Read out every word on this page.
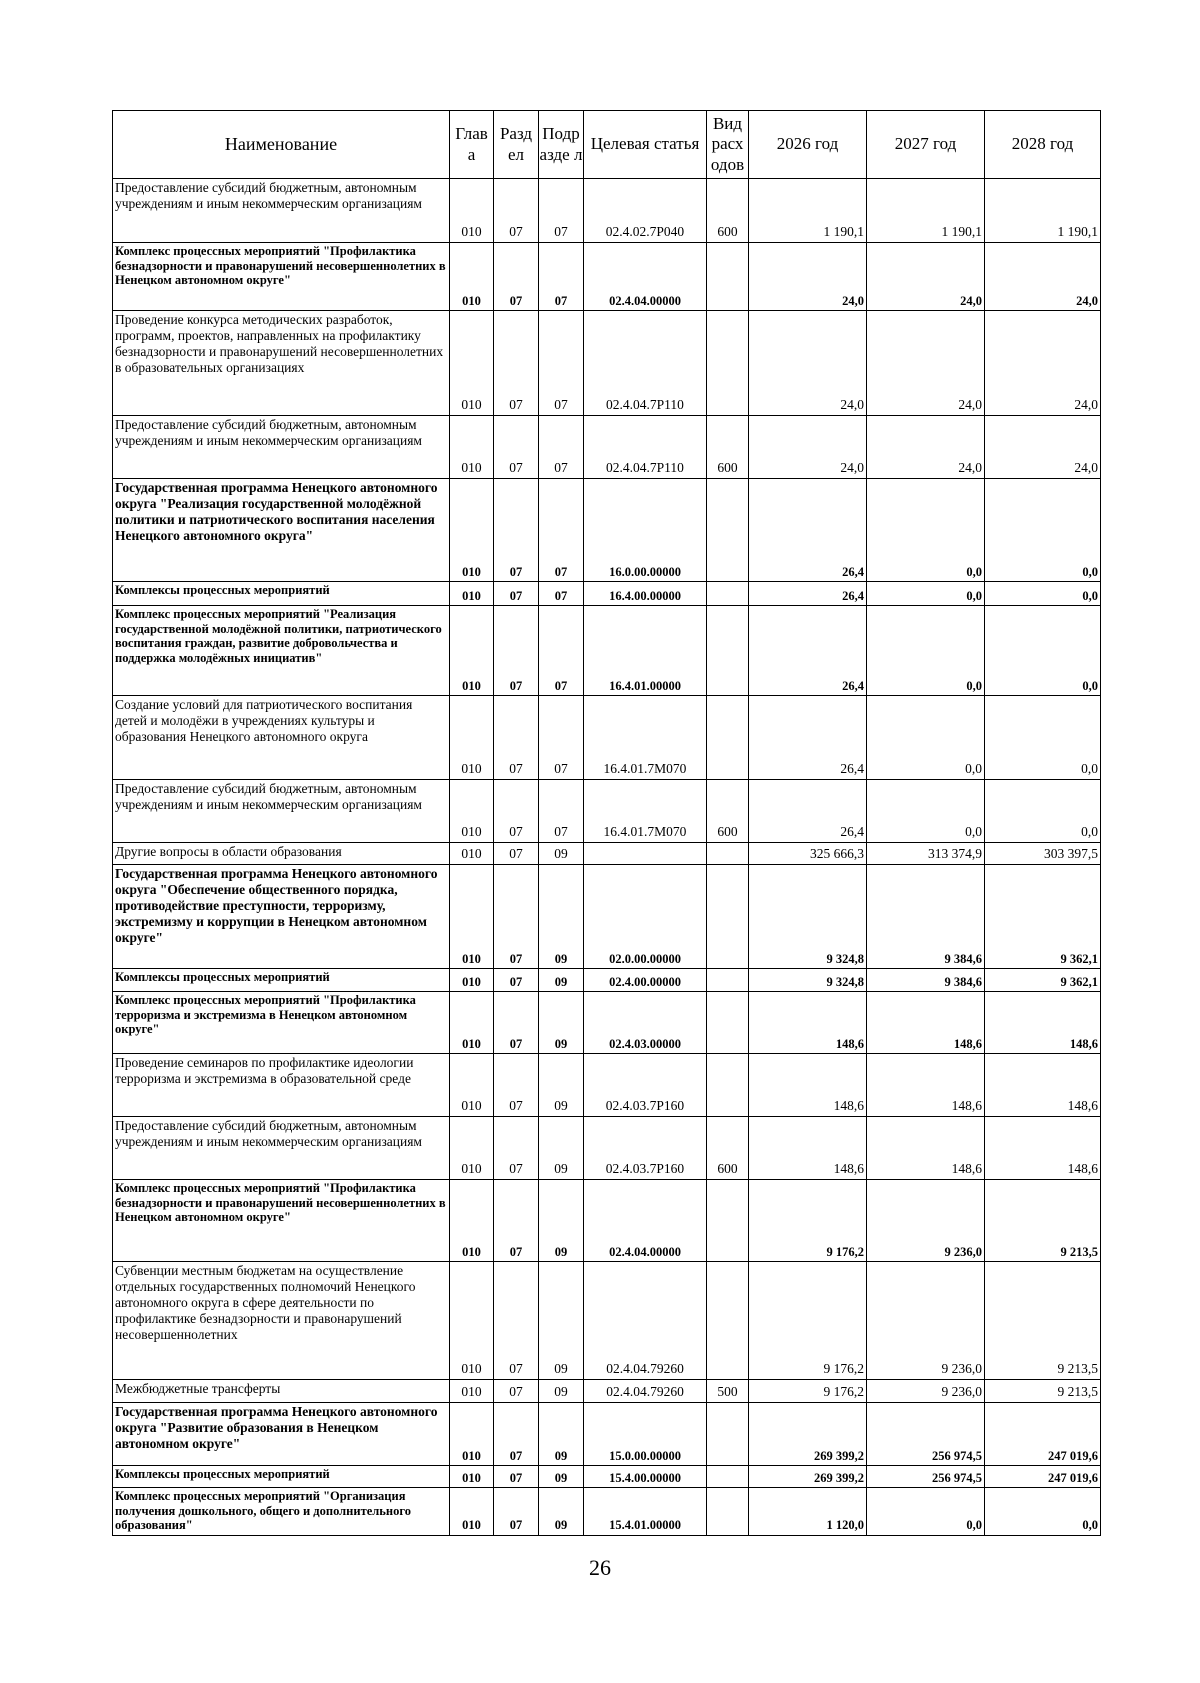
Наименование	Глав а	Разд ел	Подр азде л	Целевая статья	Вид расх одов	2026 год	2027 год	2028 год
Предоставление субсидий бюджетным, автономным учреждениям и иным некоммерческим организациям	010	07	07	02.4.02.7P040	600	1 190,1	1 190,1	1 190,1
Комплекс процессных мероприятий "Профилактика безнадзорности и правонарушений несовершеннолетних в Ненецком автономном округе"	010	07	07	02.4.04.00000		24,0	24,0	24,0
Проведение конкурса методических разработок, программ, проектов, направленных на профилактику безнадзорности и правонарушений несовершеннолетних в образовательных организациях	010	07	07	02.4.04.7P110		24,0	24,0	24,0
Предоставление субсидий бюджетным, автономным учреждениям и иным некоммерческим организациям	010	07	07	02.4.04.7P110	600	24,0	24,0	24,0
Государственная программа Ненецкого автономного округа "Реализация государственной молодёжной политики и патриотического воспитания населения Ненецкого автономного округа"	010	07	07	16.0.00.00000		26,4	0,0	0,0
Комплексы процессных мероприятий	010	07	07	16.4.00.00000		26,4	0,0	0,0
Комплекс процессных мероприятий "Реализация государственной молодёжной политики, патриотического воспитания граждан, развитие добровольчества и поддержка молодёжных инициатив"	010	07	07	16.4.01.00000		26,4	0,0	0,0
Создание условий для патриотического воспитания детей и молодёжи в учреждениях культуры и образования Ненецкого автономного округа	010	07	07	16.4.01.7M070		26,4	0,0	0,0
Предоставление субсидий бюджетным, автономным учреждениям и иным некоммерческим организациям	010	07	07	16.4.01.7M070	600	26,4	0,0	0,0
Другие вопросы в области образования	010	07	09			325 666,3	313 374,9	303 397,5
Государственная программа Ненецкого автономного округа "Обеспечение общественного порядка, противодействие преступности, терроризму, экстремизму и коррупции в Ненецком автономном округе"	010	07	09	02.0.00.00000		9 324,8	9 384,6	9 362,1
Комплексы процессных мероприятий	010	07	09	02.4.00.00000		9 324,8	9 384,6	9 362,1
Комплекс процессных мероприятий "Профилактика терроризма и экстремизма в Ненецком автономном округе"	010	07	09	02.4.03.00000		148,6	148,6	148,6
Проведение семинаров по профилактике идеологии терроризма и экстремизма в образовательной среде	010	07	09	02.4.03.7P160		148,6	148,6	148,6
Предоставление субсидий бюджетным, автономным учреждениям и иным некоммерческим организациям	010	07	09	02.4.03.7P160	600	148,6	148,6	148,6
Комплекс процессных мероприятий "Профилактика безнадзорности и правонарушений несовершеннолетних в Ненецком автономном округе"	010	07	09	02.4.04.00000		9 176,2	9 236,0	9 213,5
Субвенции местным бюджетам на осуществление отдельных государственных полномочий Ненецкого автономного округа в сфере деятельности по профилактике безнадзорности и правонарушений несовершеннолетних	010	07	09	02.4.04.79260		9 176,2	9 236,0	9 213,5
Межбюджетные трансферты	010	07	09	02.4.04.79260	500	9 176,2	9 236,0	9 213,5
Государственная программа Ненецкого автономного округа "Развитие образования в Ненецком автономном округе"	010	07	09	15.0.00.00000		269 399,2	256 974,5	247 019,6
Комплексы процессных мероприятий	010	07	09	15.4.00.00000		269 399,2	256 974,5	247 019,6
Комплекс процессных мероприятий "Организация получения дошкольного, общего и дополнительного образования"	010	07	09	15.4.01.00000		1 120,0	0,0	0,0
26
